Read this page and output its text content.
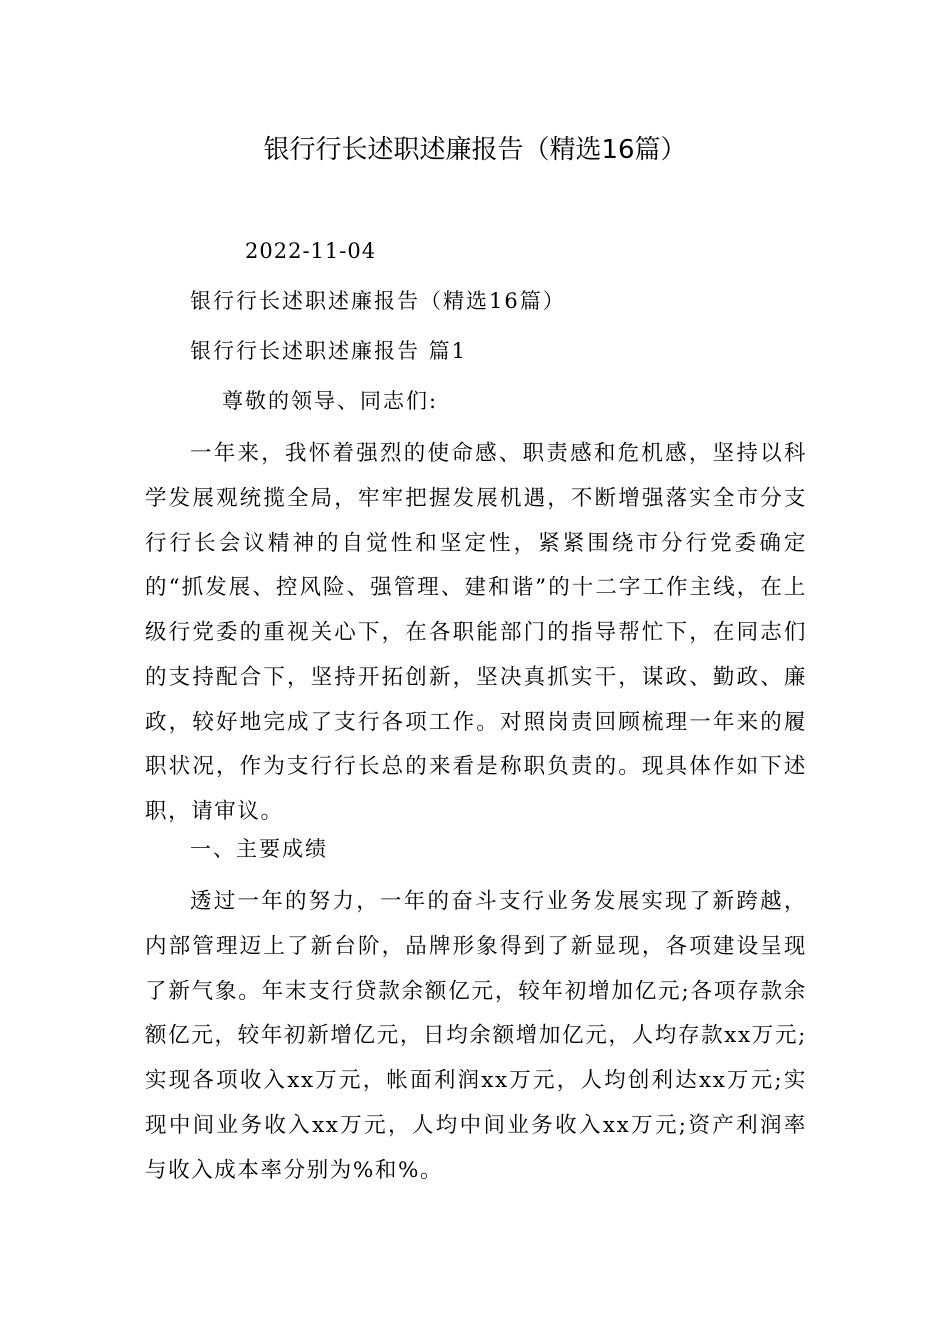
银行行长述职述廉报告（精选16篇）
2022-11-04
银行行长述职述廉报告（精选16篇）
银行行长述职述廉报告 篇1
尊敬的领导、同志们:
一年来，我怀着强烈的使命感、职责感和危机感，坚持以科学发展观统揽全局，牢牢把握发展机遇，不断增强落实全市分支行行长会议精神的自觉性和坚定性，紧紧围绕市分行党委确定的“抓发展、控风险、强管理、建和谐”的十二字工作主线，在上级行党委的重视关心下，在各职能部门的指导帮忙下，在同志们的支持配合下，坚持开拓创新，坚决真抓实干，谋政、勤政、廉政，较好地完成了支行各项工作。对照岗责回顾梳理一年来的履职状况，作为支行行长总的来看是称职负责的。现具体作如下述职，请审议。
一、主要成绩
透过一年的努力，一年的奋斗支行业务发展实现了新跨越，内部管理迈上了新台阶，品牌形象得到了新显现，各项建设呈现了新气象。年末支行贷款余额亿元，较年初增加亿元;各项存款余额亿元，较年初新增亿元，日均余额增加亿元，人均存款xx万元;实现各项收入xx万元，帐面利润xx万元，人均创利达xx万元;实现中间业务收入xx万元，人均中间业务收入xx万元;资产利润率与收入成本率分别为%和%。
